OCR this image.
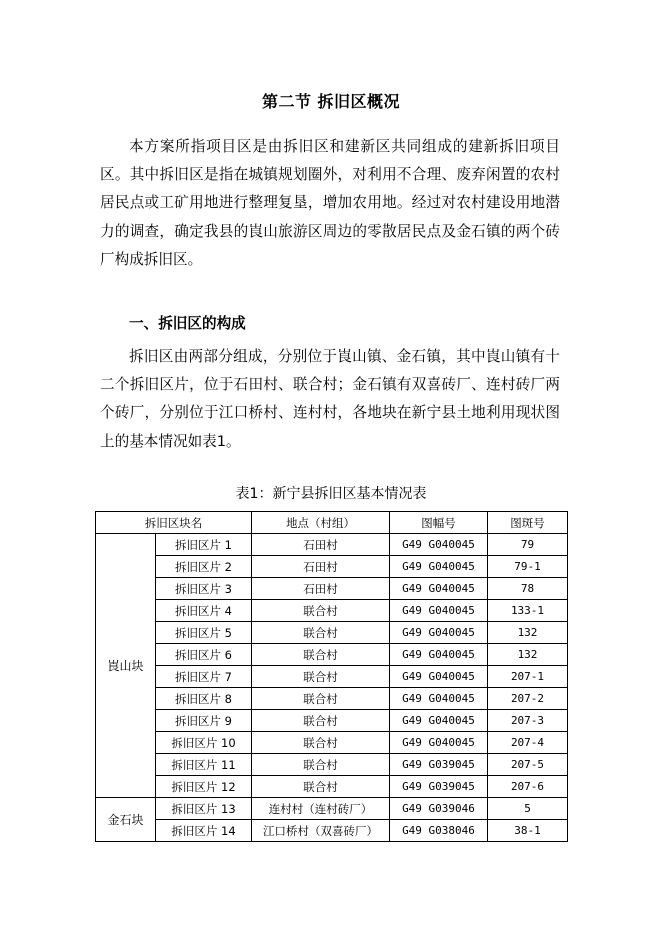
第二节 拆旧区概况

本方案所指项目区是由拆旧区和建新区共同组成的建新拆旧项目区。其中拆旧区是指在城镇规划圈外，对利用不合理、废弃闲置的农村居民点或工矿用地进行整理复垦，增加农用地。经过对农村建设用地潜力的调查，确定我县的崀山旅游区周边的零散居民点及金石镇的两个砖厂构成拆旧区。

一、拆旧区的构成

拆旧区由两部分组成，分别位于崀山镇、金石镇，其中崀山镇有十二个拆旧区片，位于石田村、联合村；金石镇有双喜砖厂、连村砖厂两个砖厂，分别位于江口桥村、连村村，各地块在新宁县土地利用现状图上的基本情况如表1。

表1：新宁县拆旧区基本情况表
拆旧区块名		地点（村组）	图幅号	图斑号
崀山块	拆旧区片 1	石田村	G49 G040045	79
	拆旧区片 2	石田村	G49 G040045	79-1
	拆旧区片 3	石田村	G49 G040045	78
	拆旧区片 4	联合村	G49 G040045	133-1
	拆旧区片 5	联合村	G49 G040045	132
	拆旧区片 6	联合村	G49 G040045	132
	拆旧区片 7	联合村	G49 G040045	207-1
	拆旧区片 8	联合村	G49 G040045	207-2
	拆旧区片 9	联合村	G49 G040045	207-3
	拆旧区片 10	联合村	G49 G040045	207-4
	拆旧区片 11	联合村	G49 G039045	207-5
	拆旧区片 12	联合村	G49 G039045	207-6
金石块	拆旧区片 13	连村村（连村砖厂）	G49 G039046	5
	拆旧区片 14	江口桥村（双喜砖厂）	G49 G038046	38-1
